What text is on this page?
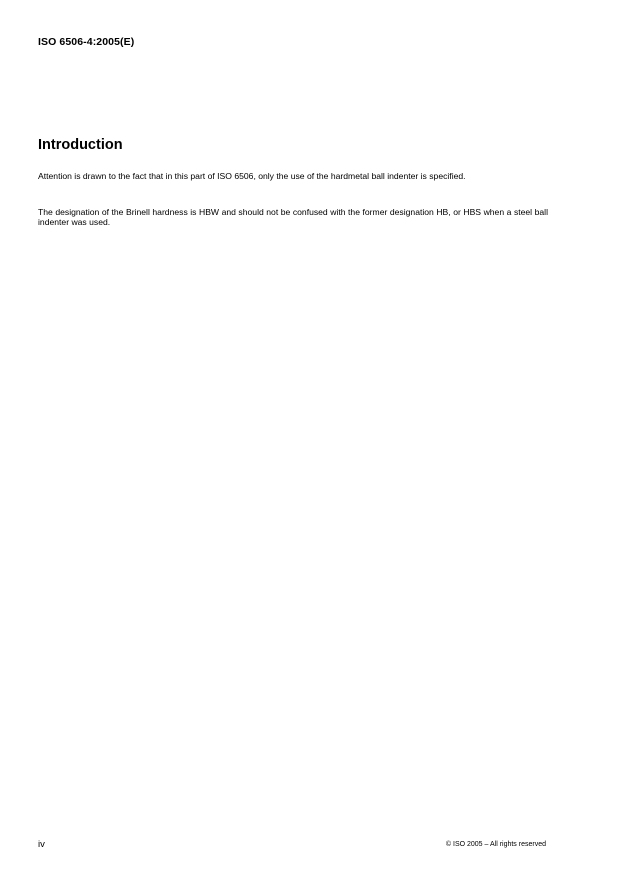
ISO 6506-4:2005(E)
Introduction

Attention is drawn to the fact that in this part of ISO 6506, only the use of the hardmetal ball indenter is specified.

The designation of the Brinell hardness is HBW and should not be confused with the former designation HB, or HBS when a steel ball indenter was used.

iv	© ISO 2005 – All rights reserved
